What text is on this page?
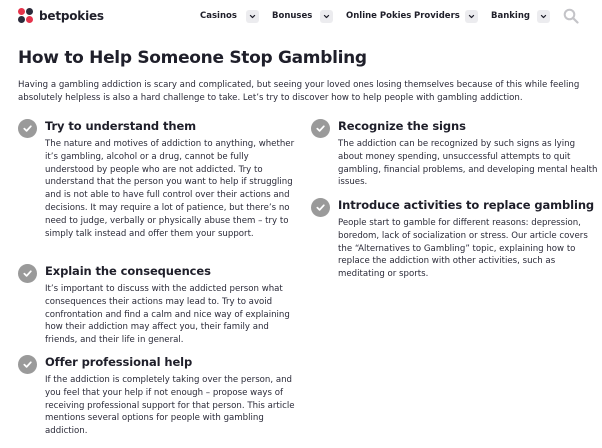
betpokies	Casinos	Bonuses	Online Pokies Providers	Banking
How to Help Someone Stop Gambling

Having a gambling addiction is scary and complicated, but seeing your loved ones losing themselves because of this while feeling absolutely helpless is also a hard challenge to take. Let’s try to discover how to help people with gambling addiction.

Try to understand them

The nature and motives of addiction to anything, whether it’s gambling, alcohol or a drug, cannot be fully understood by people who are not addicted. Try to understand that the person you want to help if struggling and is not able to have full control over their actions and decisions. It may require a lot of patience, but there’s no need to judge, verbally or physically abuse them – try to simply talk instead and offer them your support.

Explain the consequences

It’s important to discuss with the addicted person what consequences their actions may lead to. Try to avoid confrontation and find a calm and nice way of explaining how their addiction may affect you, their family and friends, and their life in general.

Offer professional help

If the addiction is completely taking over the person, and you feel that your help if not enough – propose ways of receiving professional support for that person. This article mentions several options for people with gambling addiction.

Recognize the signs

The addiction can be recognized by such signs as lying about money spending, unsuccessful attempts to quit gambling, financial problems, and developing mental health issues.

Introduce activities to replace gambling

People start to gamble for different reasons: depression, boredom, lack of socialization or stress. Our article covers the “Alternatives to Gambling” topic, explaining how to replace the addiction with other activities, such as meditating or sports.
